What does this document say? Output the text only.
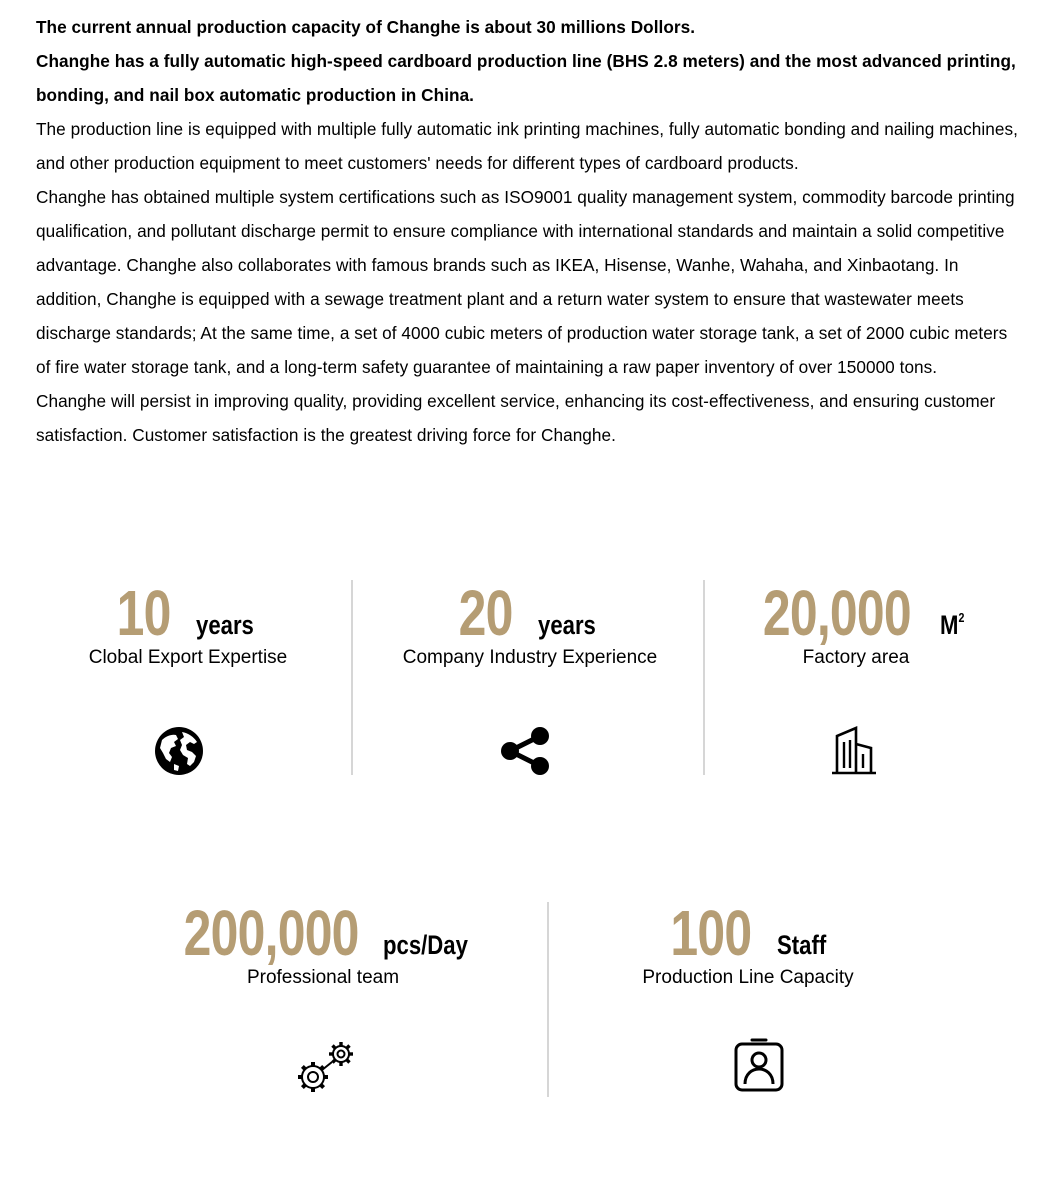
The current annual production capacity of Changhe is about 30 millions Dollors.

Changhe has a fully automatic high-speed cardboard production line (BHS 2.8 meters) and the most advanced printing, bonding, and nail box automatic production in China.

The production line is equipped with multiple fully automatic ink printing machines, fully automatic bonding and nailing machines, and other production equipment to meet customers' needs for different types of cardboard products.

Changhe has obtained multiple system certifications such as ISO9001 quality management system, commodity barcode printing qualification, and pollutant discharge permit to ensure compliance with international standards and maintain a solid competitive advantage. Changhe also collaborates with famous brands such as IKEA, Hisense, Wanhe, Wahaha, and Xinbaotang. In addition, Changhe is equipped with a sewage treatment plant and a return water system to ensure that wastewater meets discharge standards; At the same time, a set of 4000 cubic meters of production water storage tank, a set of 2000 cubic meters of fire water storage tank, and a long-term safety guarantee of maintaining a raw paper inventory of over 150000 tons.

Changhe will persist in improving quality, providing excellent service, enhancing its cost-effectiveness, and ensuring customer satisfaction. Customer satisfaction is the greatest driving force for Changhe.

10 years
Clobal Export Expertise
20 years
Company Industry Experience
20,000 $M^2$
Factory area
200,000 pcs/Day
Professional team
100 Staff
Production Line Capacity
